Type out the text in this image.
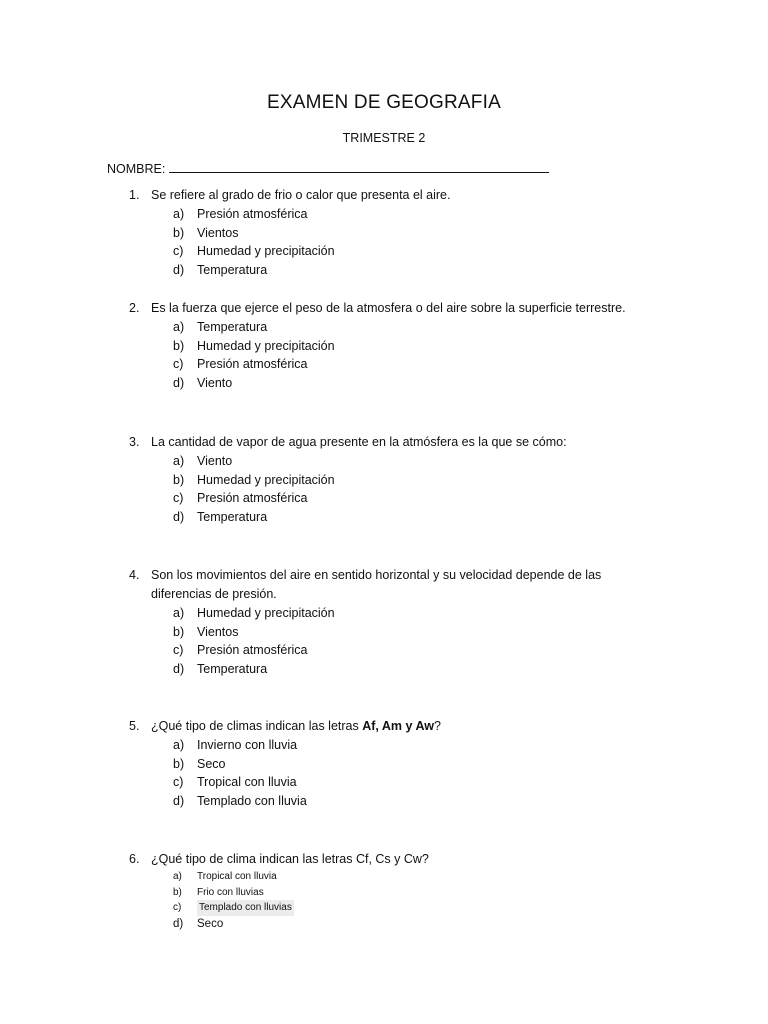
EXAMEN DE GEOGRAFIA
TRIMESTRE 2
NOMBRE:
1. Se refiere al grado de frio o calor que presenta el aire.
a)	Presión atmosférica
b)	Vientos
c)	Humedad y precipitación
d)	Temperatura
2. Es la fuerza que ejerce el peso de la atmosfera o del aire sobre la superficie terrestre.
a)	Temperatura
b)	Humedad y precipitación
c)	Presión atmosférica
d)	Viento
3. La cantidad de vapor de agua presente en la atmósfera es la que se cómo:
a)	Viento
b)	Humedad y precipitación
c)	Presión atmosférica
d)	Temperatura
4. Son los movimientos del aire en sentido horizontal y su velocidad depende de las diferencias de presión.
a)	Humedad y precipitación
b)	Vientos
c)	Presión atmosférica
d)	Temperatura
5. ¿Qué tipo de climas indican las letras Af, Am y Aw?
a)	Invierno con lluvia
b)	Seco
c)	Tropical con lluvia
d)	Templado con lluvia
6. ¿Qué tipo de clima indican las letras Cf, Cs y Cw?
a)	Tropical con lluvia
b)	Frio con lluvias
c)	Templado con lluvias
d)	Seco
